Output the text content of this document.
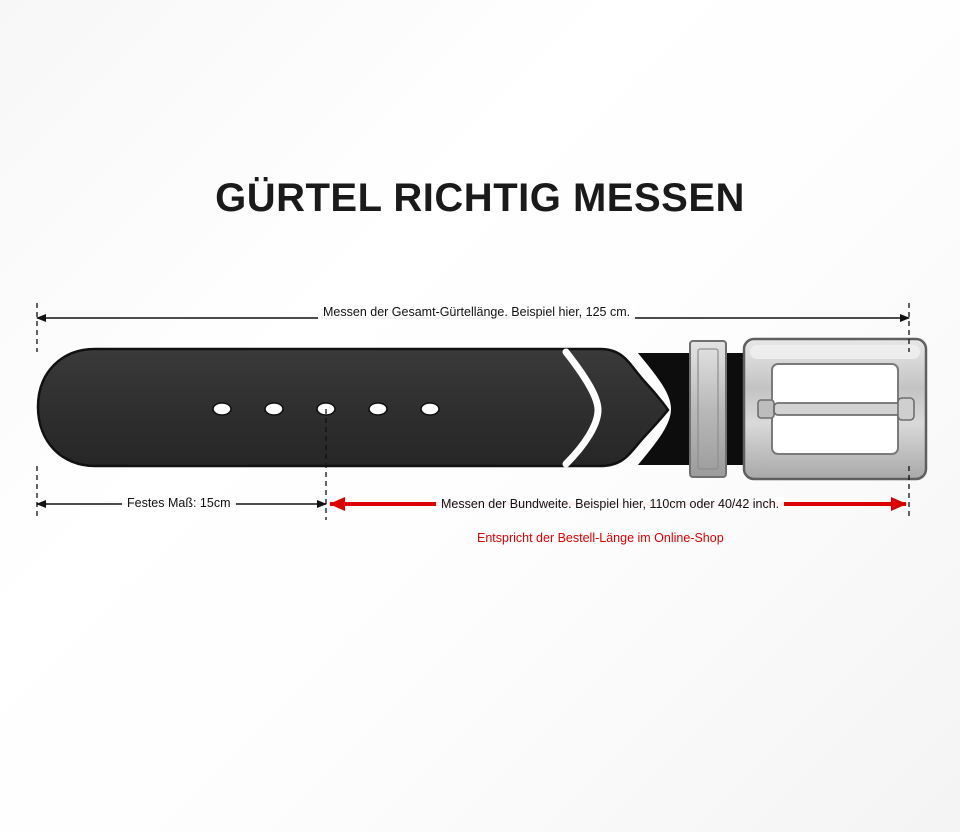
GÜRTEL RICHTIG MESSEN
Messen der Gesamt-Gürtellänge. Beispiel hier, 125 cm.
Festes Maß: 15cm	Messen der Bundweite. Beispiel hier, 110cm oder 40/42 inch.
Entspricht der Bestell-Länge im Online-Shop
